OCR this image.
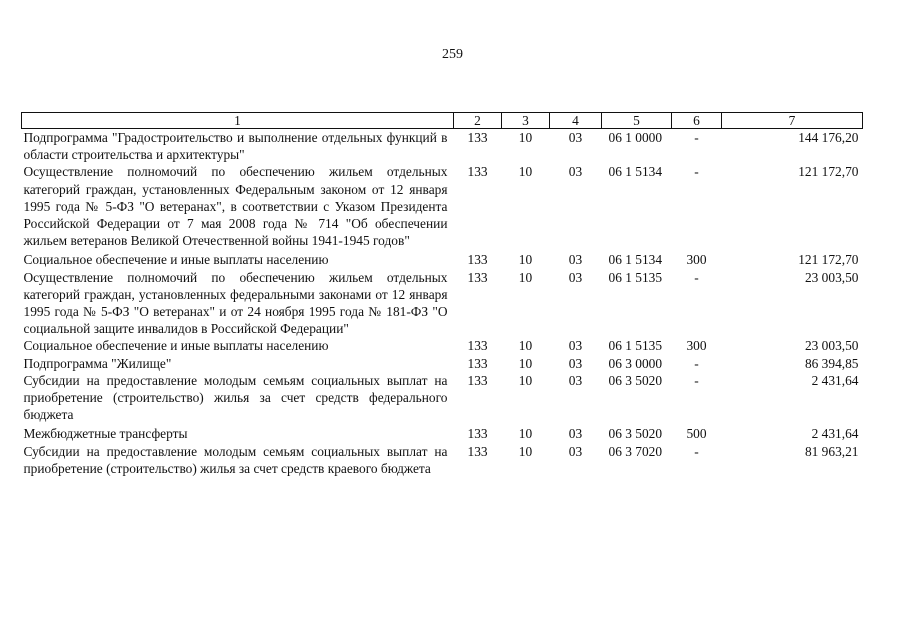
259
1	2	3	4	5	6	7
Подпрограмма "Градостроительство и выполнение отдельных функций в области строительства и архитектуры"	133	10	03	06 1 0000	-	144 176,20
Осуществление полномочий по обеспечению жильем отдельных категорий граждан, установленных Федеральным законом от 12 января 1995 года № 5-ФЗ "О ветеранах", в соответствии с Указом Президента Российской Федерации от 7 мая 2008 года № 714 "Об обеспечении жильем ветеранов Великой Отечественной войны 1941-1945 годов"	133	10	03	06 1 5134	-	121 172,70
Социальное обеспечение и иные выплаты населению	133	10	03	06 1 5134	300	121 172,70
Осуществление полномочий по обеспечению жильем отдельных категорий граждан, установленных федеральными законами от 12 января 1995 года № 5-ФЗ "О ветеранах" и от 24 ноября 1995 года № 181-ФЗ "О социальной защите инвалидов в Российской Федерации"	133	10	03	06 1 5135	-	23 003,50
Социальное обеспечение и иные выплаты населению	133	10	03	06 1 5135	300	23 003,50
Подпрограмма "Жилище"	133	10	03	06 3 0000	-	86 394,85
Субсидии на предоставление молодым семьям социальных выплат на приобретение (строительство) жилья за счет средств федерального бюджета	133	10	03	06 3 5020	-	2 431,64
Межбюджетные трансферты	133	10	03	06 3 5020	500	2 431,64
Субсидии на предоставление молодым семьям социальных выплат на приобретение (строительство) жилья за счет средств краевого бюджета	133	10	03	06 3 7020	-	81 963,21
